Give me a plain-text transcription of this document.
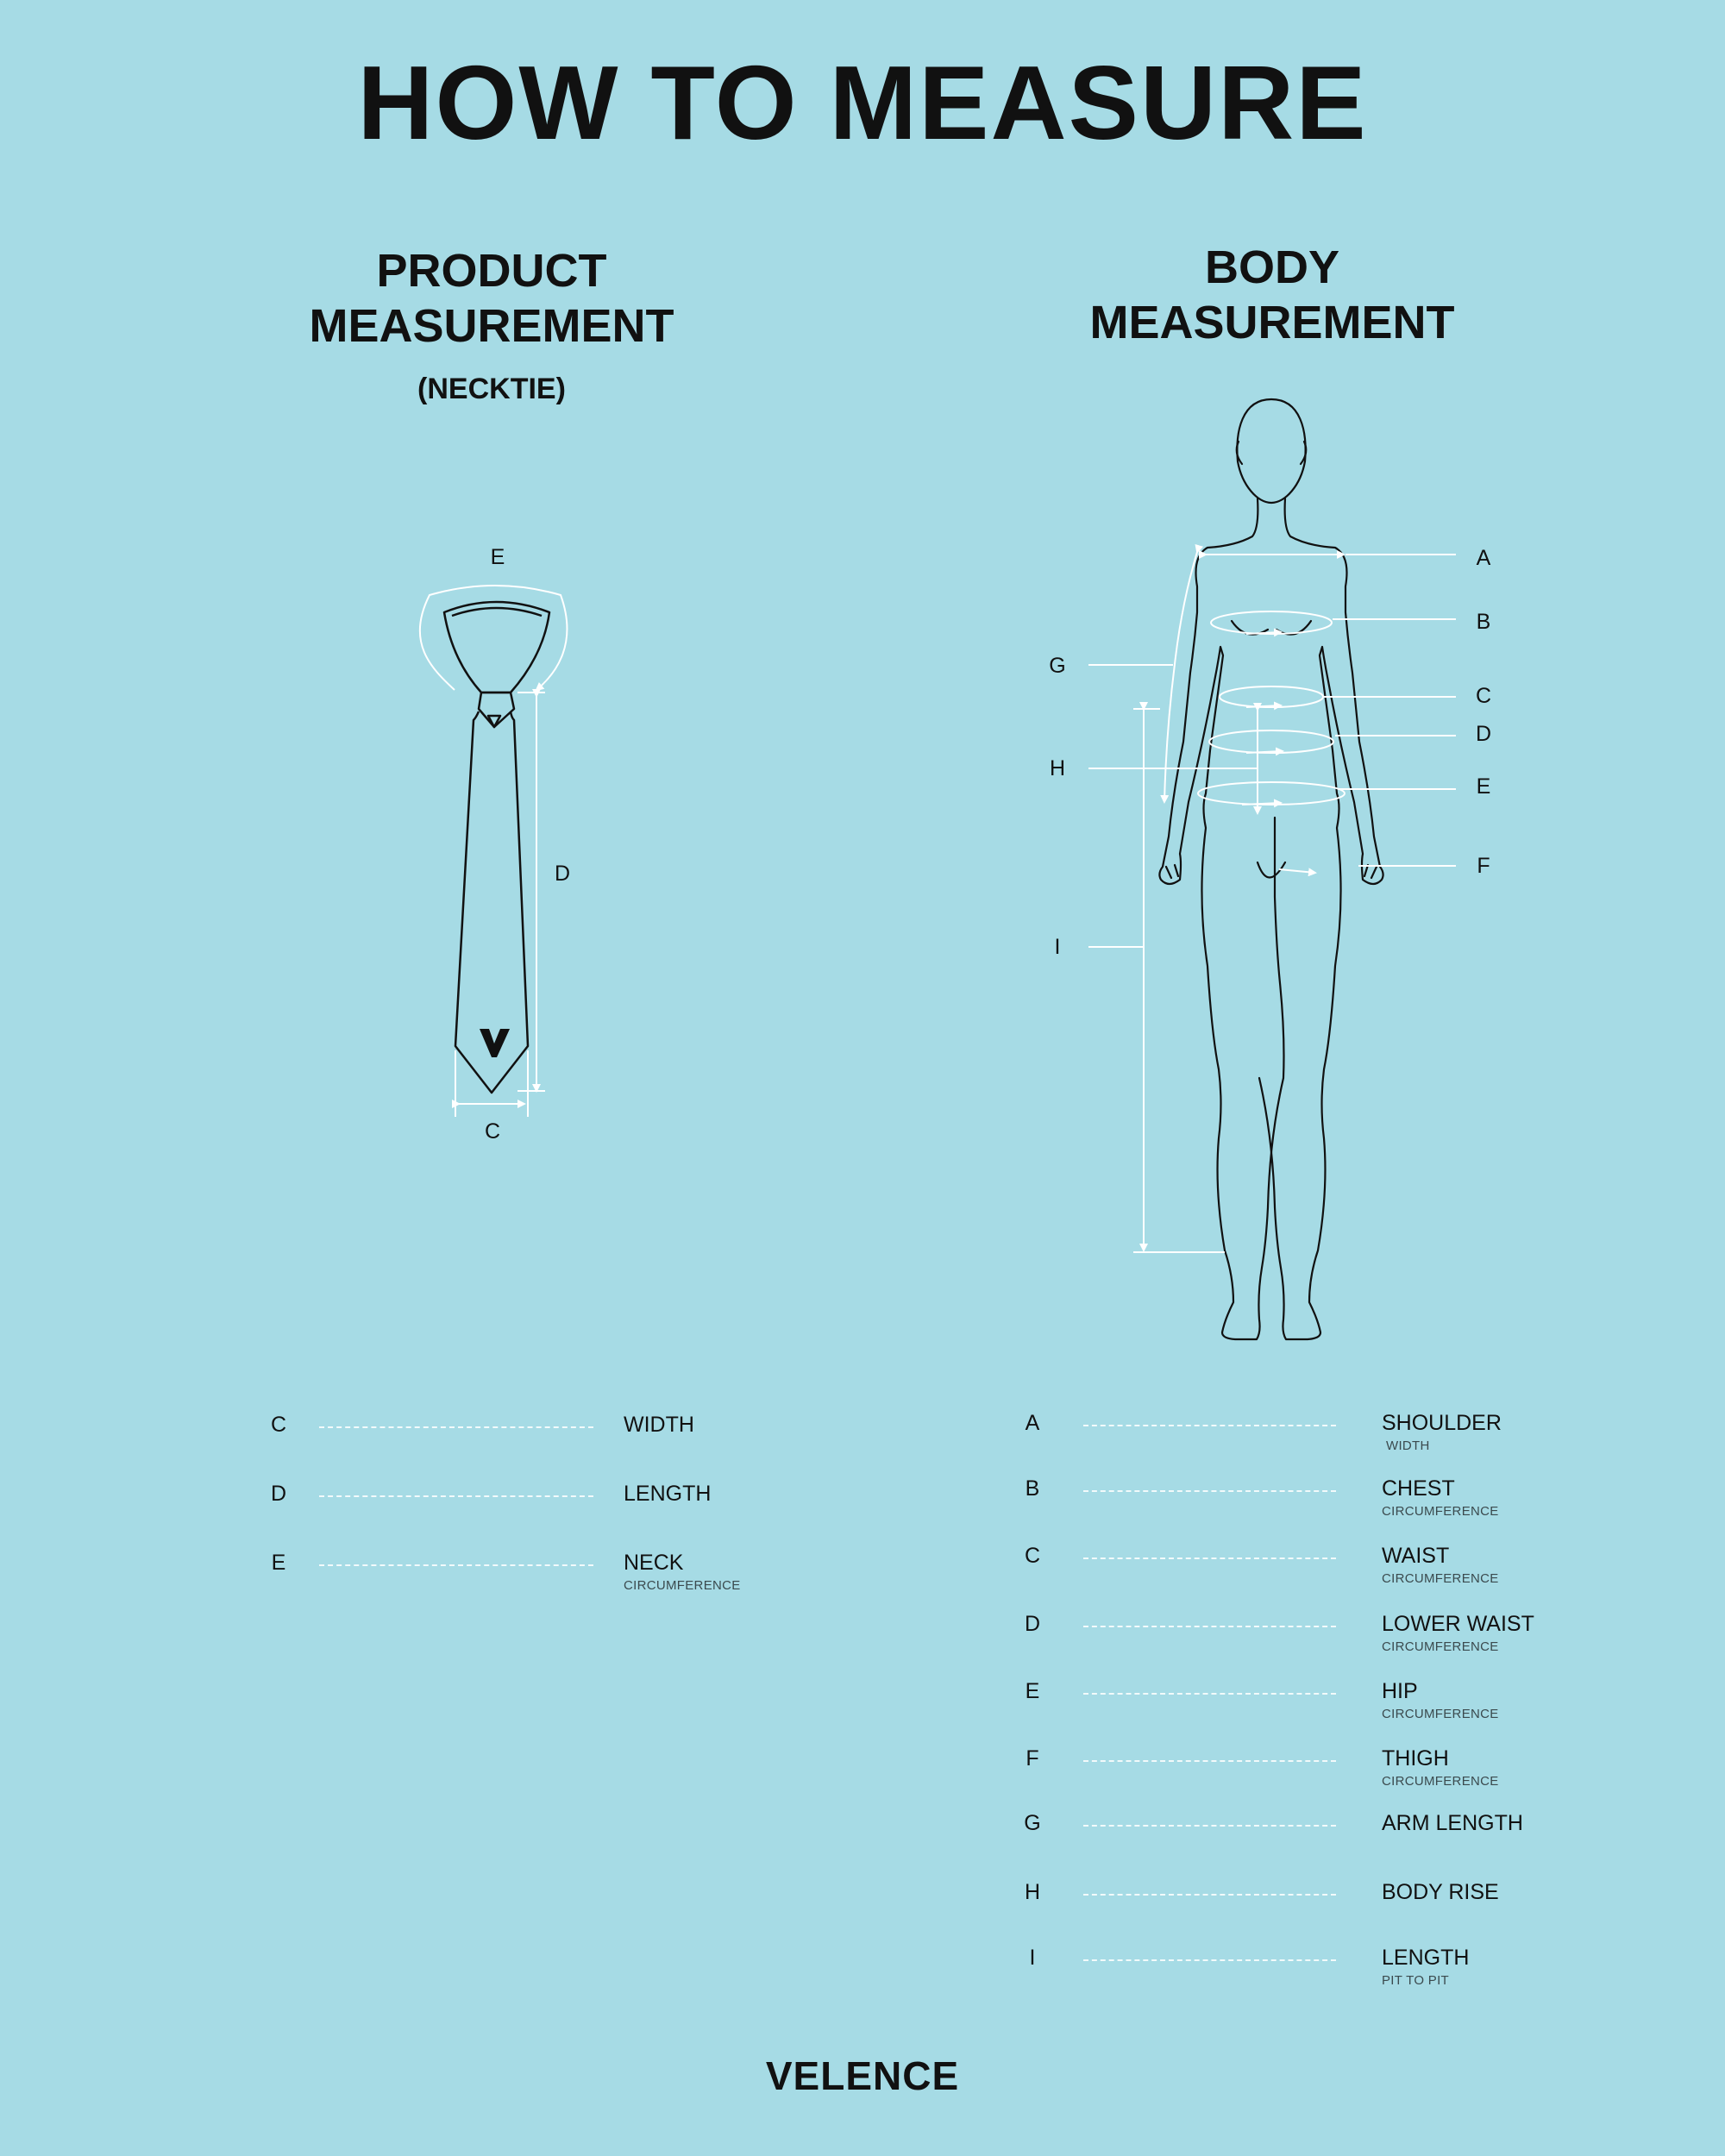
HOW TO MEASURE
PRODUCT
MEASUREMENT
(NECKTIE)
BODY
MEASUREMENT
E
D
C
A
B
C
D
E
F
G
H
I
C	WIDTH
D	LENGTH
E	NECK
CIRCUMFERENCE
A	SHOULDER
WIDTH
B	CHEST
CIRCUMFERENCE
C	WAIST
CIRCUMFERENCE
D	LOWER WAIST
CIRCUMFERENCE
E	HIP
CIRCUMFERENCE
F	THIGH
CIRCUMFERENCE
G	ARM LENGTH
H	BODY RISE
I	LENGTH
PIT TO PIT
VELENCE
